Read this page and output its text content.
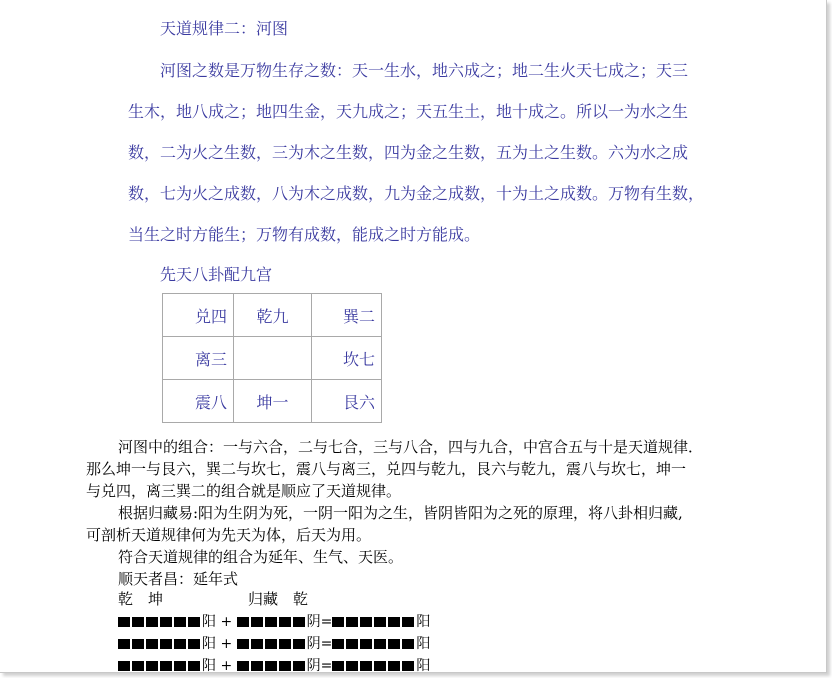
天道规律二：河图
河图之数是万物生存之数：天一生水，地六成之；地二生火天七成之；天三
生木，地八成之；地四生金，天九成之；天五生土，地十成之。所以一为水之生
数，二为火之生数，三为木之生数，四为金之生数，五为土之生数。六为水之成
数，七为火之成数，八为木之成数，九为金之成数，十为土之成数。万物有生数，
当生之时方能生；万物有成数，能成之时方能成。
先天八卦配九宫
兑四	乾九	巽二
离三		坎七
震八	坤一	艮六
河图中的组合：一与六合，二与七合，三与八合，四与九合，中宫合五与十是天道规律．
那么坤一与艮六，巽二与坎七，震八与离三，兑四与乾九，艮六与乾九，震八与坎七，坤一
与兑四，离三巽二的组合就是顺应了天道规律。
根据归藏易:阳为生阴为死，一阴一阳为之生，皆阴皆阳为之死的原理，将八卦相归藏,
可剖析天道规律何为先天为体，后天为用。
符合天道规律的组合为延年、生气、天医。
顺天者昌：延年式
乾　坤	归藏　乾
阳 +	阴=	阳
阳 +	阴=	阳
阳 +	阴=	阳
